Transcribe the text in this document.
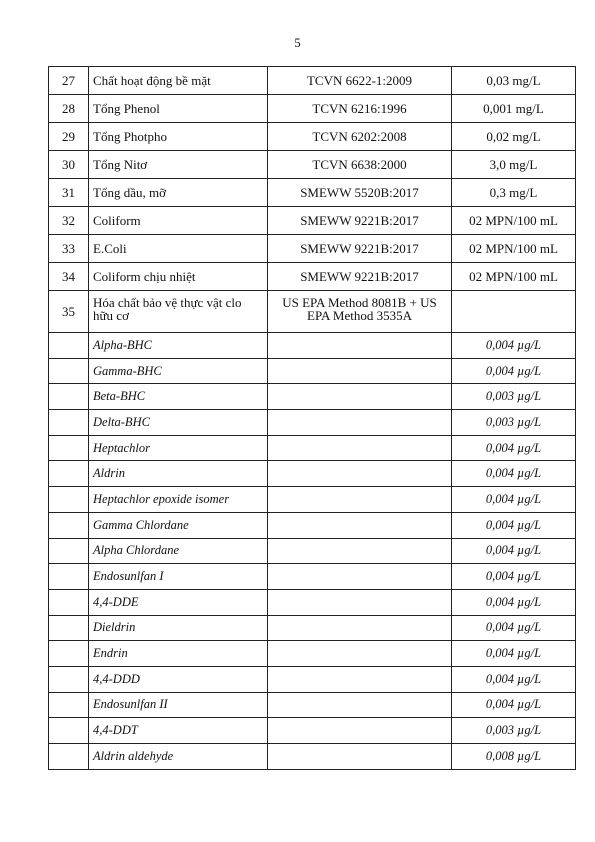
5
27	Chất hoạt động bề mặt	TCVN 6622-1:2009	0,03 mg/L
28	Tổng Phenol	TCVN 6216:1996	0,001 mg/L
29	Tổng Photpho	TCVN 6202:2008	0,02 mg/L
30	Tổng Nitơ	TCVN 6638:2000	3,0 mg/L
31	Tổng dầu, mỡ	SMEWW 5520B:2017	0,3 mg/L
32	Coliform	SMEWW 9221B:2017	02 MPN/100 mL
33	E.Coli	SMEWW 9221B:2017	02 MPN/100 mL
34	Coliform chịu nhiệt	SMEWW 9221B:2017	02 MPN/100 mL
35	Hóa chất bảo vệ thực vật clo hữu cơ	US EPA Method 8081B + US EPA Method 3535A	
	Alpha-BHC		0,004 µg/L
	Gamma-BHC		0,004 µg/L
	Beta-BHC		0,003 µg/L
	Delta-BHC		0,003 µg/L
	Heptachlor		0,004 µg/L
	Aldrin		0,004 µg/L
	Heptachlor epoxide isomer		0,004 µg/L
	Gamma Chlordane		0,004 µg/L
	Alpha Chlordane		0,004 µg/L
	Endosunlfan I		0,004 µg/L
	4,4-DDE		0,004 µg/L
	Dieldrin		0,004 µg/L
	Endrin		0,004 µg/L
	4,4-DDD		0,004 µg/L
	Endosunlfan II		0,004 µg/L
	4,4-DDT		0,003 µg/L
	Aldrin aldehyde		0,008 µg/L
